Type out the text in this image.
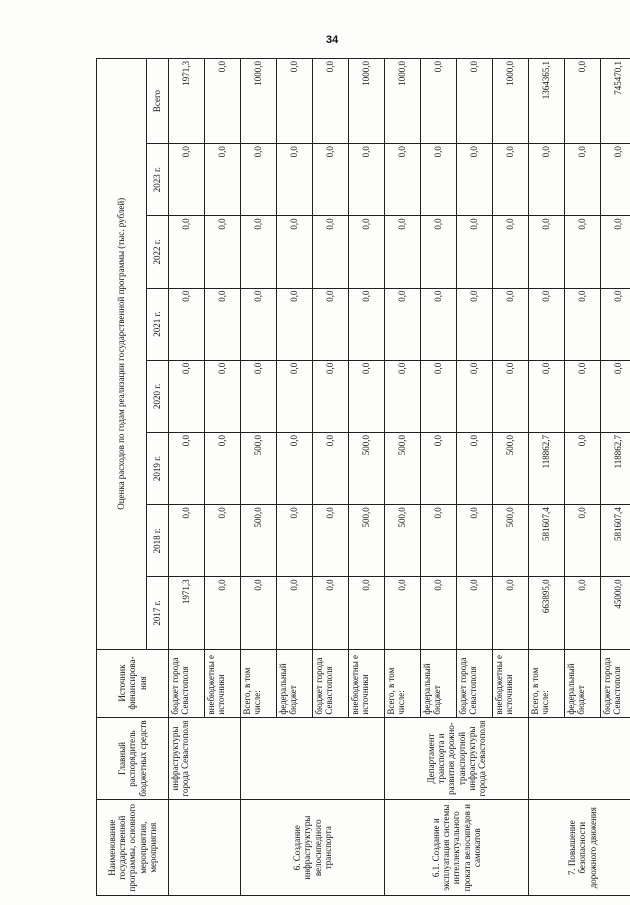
34
Наименование государственной программы, основного мероприятия, мероприятия	Главный распорядитель бюджетных средств	Источник финансирова-ния	Оценка расходов по годам реализации государственной программы (тыс. рублей)							
			2017 г.	2018 г.	2019 г.	2020 г.	2021 г.	2022 г.	2023 г.	Всего
	инфраструктуры города Севастополя	бюджет города Севастополя	1971,3	0,0	0,0	0,0	0,0	0,0	0,0	1971,3
		внебюджетны е источники	0,0	0,0	0,0	0,0	0,0	0,0	0,0	0,0
6. Создание инфраструктуры велосипедного транспорта		Всего, в том числе:	0,0	500,0	500,0	0,0	0,0	0,0	0,0	1000,0
		федеральный бюджет	0,0	0,0	0,0	0,0	0,0	0,0	0,0	0,0
		бюджет города Севастополя	0,0	0,0	0,0	0,0	0,0	0,0	0,0	0,0
		внебюджетны е источники	0,0	500,0	500,0	0,0	0,0	0,0	0,0	1000,0
6.1. Создание и эксплуатация системы интеллектуального проката велосипедов и самокатов	Департамент транспорта и развития дорожно-транспортной инфраструктуры города Севастополя	Всего, в том числе:	0,0	500,0	500,0	0,0	0,0	0,0	0,0	1000,0
		федеральный бюджет	0,0	0,0	0,0	0,0	0,0	0,0	0,0	0,0
		бюджет города Севастополя	0,0	0,0	0,0	0,0	0,0	0,0	0,0	0,0
		внебюджетны е источники	0,0	500,0	500,0	0,0	0,0	0,0	0,0	1000,0
7. Повышение безопасности дорожного движения		Всего, в том числе:	663895,0	581607,4	118862,7	0,0	0,0	0,0	0,0	1364365,1
		федеральный бюджет	0,0	0,0	0,0	0,0	0,0	0,0	0,0	0,0
		бюджет города Севастополя	45000,0	581607,4	118862,7	0,0	0,0	0,0	0,0	745470,1
